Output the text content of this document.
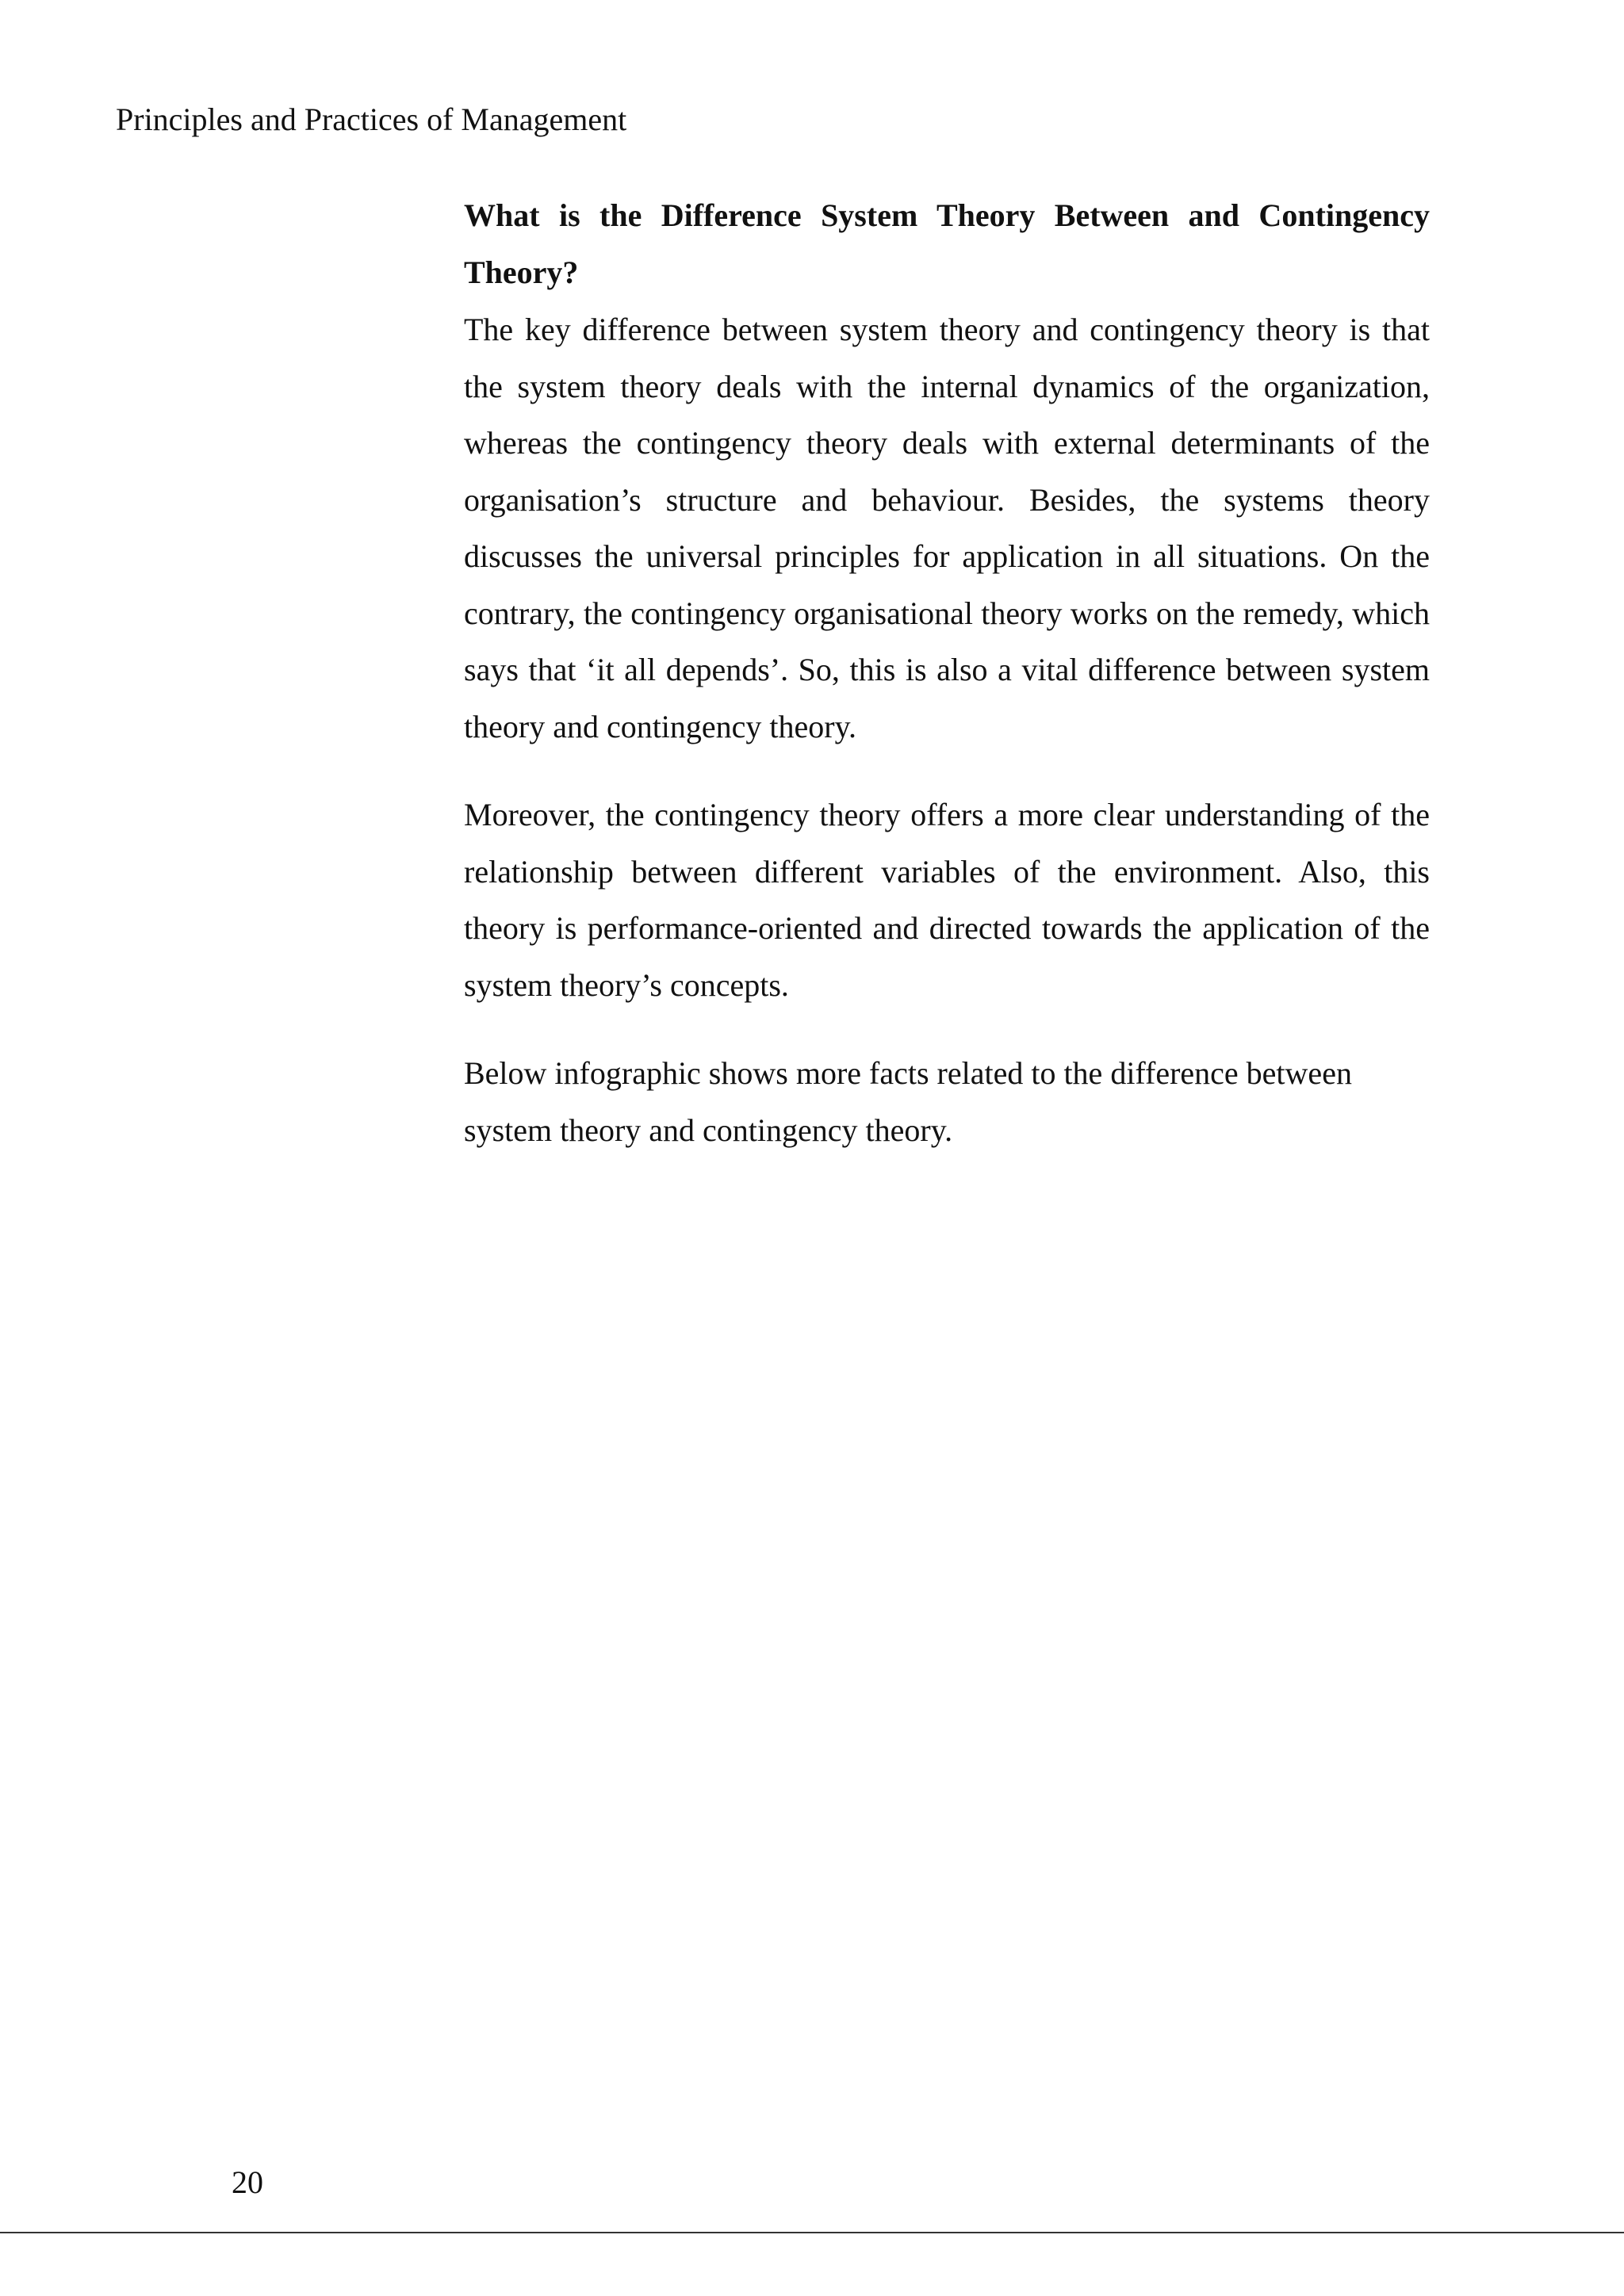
Principles and Practices of Management
What is the Difference System Theory Between and Contingency Theory?

The key difference between system theory and contingency theory is that the system theory deals with the internal dynamics of the organization, whereas the contingency theory deals with external determinants of the organisation’s structure and behaviour. Besides, the systems theory discusses the universal principles for application in all situations. On the contrary, the contingency organisational theory works on the remedy, which says that ‘it all depends’. So, this is also a vital difference between system theory and contingency theory.

Moreover, the contingency theory offers a more clear understanding of the relationship between different variables of the environment. Also, this theory is performance-oriented and directed towards the application of the system theory’s concepts.

Below infographic shows more facts related to the difference between system theory and contingency theory.

20
